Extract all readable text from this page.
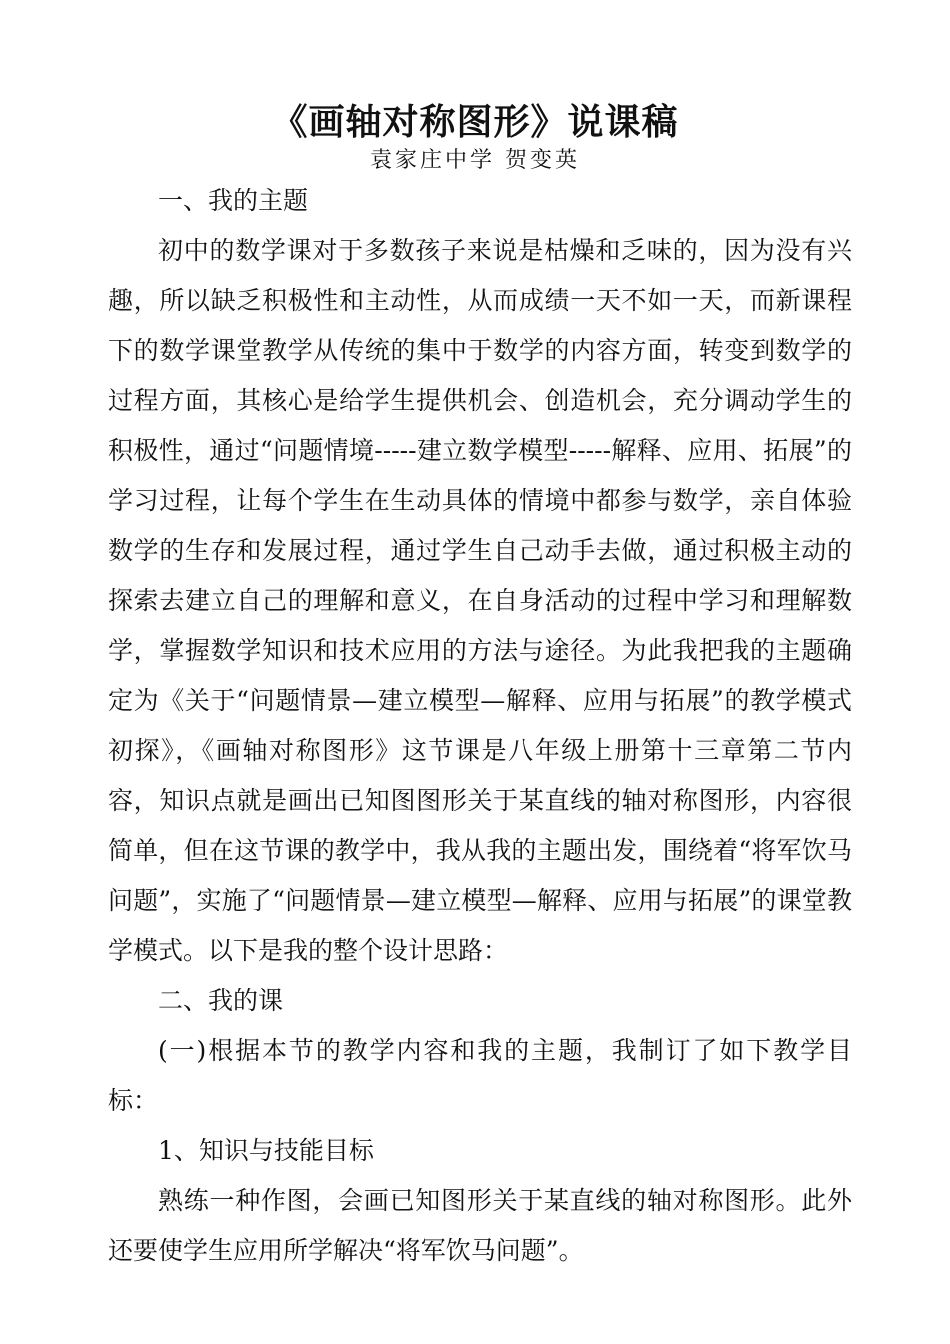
《画轴对称图形》说课稿
袁家庄中学 贺变英

一、我的主题

初中的数学课对于多数孩子来说是枯燥和乏味的，因为没有兴趣，所以缺乏积极性和主动性，从而成绩一天不如一天，而新课程下的数学课堂教学从传统的集中于数学的内容方面，转变到数学的过程方面，其核心是给学生提供机会、创造机会，充分调动学生的积极性，通过“问题情境-----建立数学模型-----解释、应用、拓展”的学习过程，让每个学生在生动具体的情境中都参与数学，亲自体验数学的生存和发展过程，通过学生自己动手去做，通过积极主动的探索去建立自己的理解和意义，在自身活动的过程中学习和理解数学，掌握数学知识和技术应用的方法与途径。为此我把我的主题确定为《关于“问题情景—建立模型—解释、应用与拓展”的教学模式初探》，《画轴对称图形》这节课是八年级上册第十三章第二节内容，知识点就是画出已知图图形关于某直线的轴对称图形，内容很简单，但在这节课的教学中，我从我的主题出发，围绕着“将军饮马问题”，实施了“问题情景—建立模型—解释、应用与拓展”的课堂教学模式。以下是我的整个设计思路：

二、我的课

(一)根据本节的教学内容和我的主题，我制订了如下教学目标：

1、知识与技能目标

熟练一种作图，会画已知图形关于某直线的轴对称图形。此外还要使学生应用所学解决“将军饮马问题”。
